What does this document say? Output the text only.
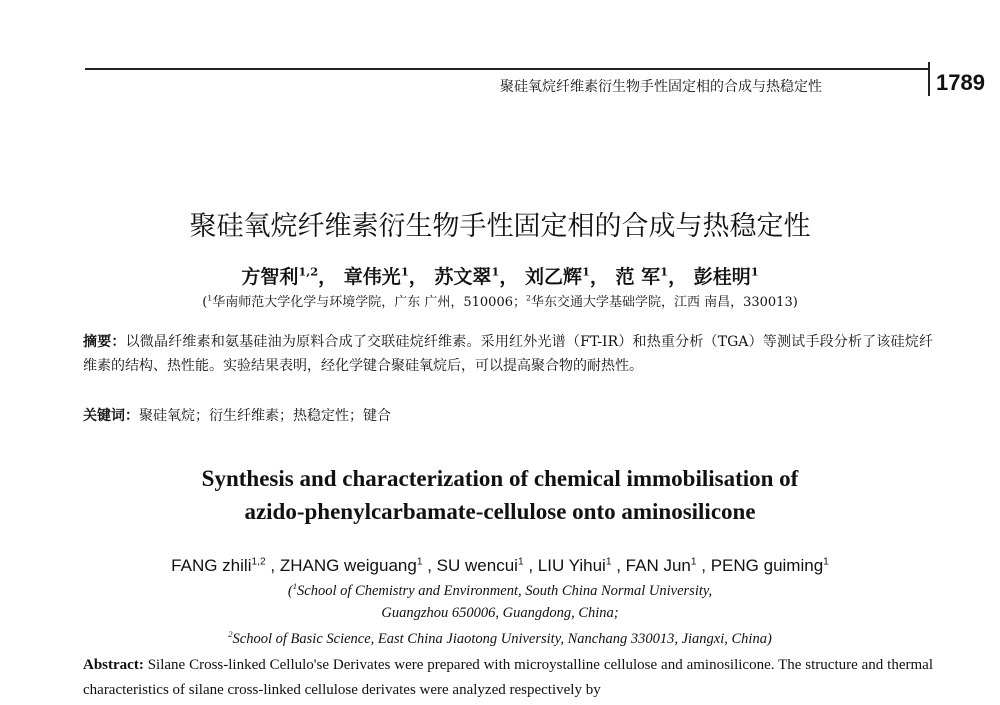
聚硅氧烷纤维素衍生物手性固定相的合成与热稳定性	1789
聚硅氧烷纤维素衍生物手性固定相的合成与热稳定性
方智利$^{1,2}$， 章伟光$^1$， 苏文翠$^1$， 刘乙辉$^1$， 范 军$^1$， 彭桂明$^1$
($^1$华南师范大学化学与环境学院，广东 广州，510006；$^2$华东交通大学基础学院，江西 南昌，330013)
摘要：以微晶纤维素和氨基硅油为原料合成了交联硅烷纤维素。采用红外光谱（FT-IR）和热重分析（TGA）等测试手段分析了该硅烷纤维素的结构、热性能。实验结果表明，经化学键合聚硅氧烷后，可以提高聚合物的耐热性。
关键词：聚硅氧烷；衍生纤维素；热稳定性；键合
Synthesis and characterization of chemical immobilisation of
azido-phenylcarbamate-cellulose onto aminosilicone
FANG zhili$^{1,2}$ , ZHANG weiguang$^1$ , SU wencui$^1$ , LIU Yihui$^1$ , FAN Jun$^1$ , PENG guiming$^1$
($^1$School of Chemistry and Environment, South China Normal University,
Guangzhou 650006, Guangdong, China;
$^2$School of Basic Science, East China Jiaotong University, Nanchang 330013, Jiangxi, China)
Abstract: Silane Cross-linked Cellulo'se Derivates were prepared with microystalline cellulose and aminosilicone. The structure and thermal characteristics of silane cross-linked cellulose derivates were analyzed respectively by
